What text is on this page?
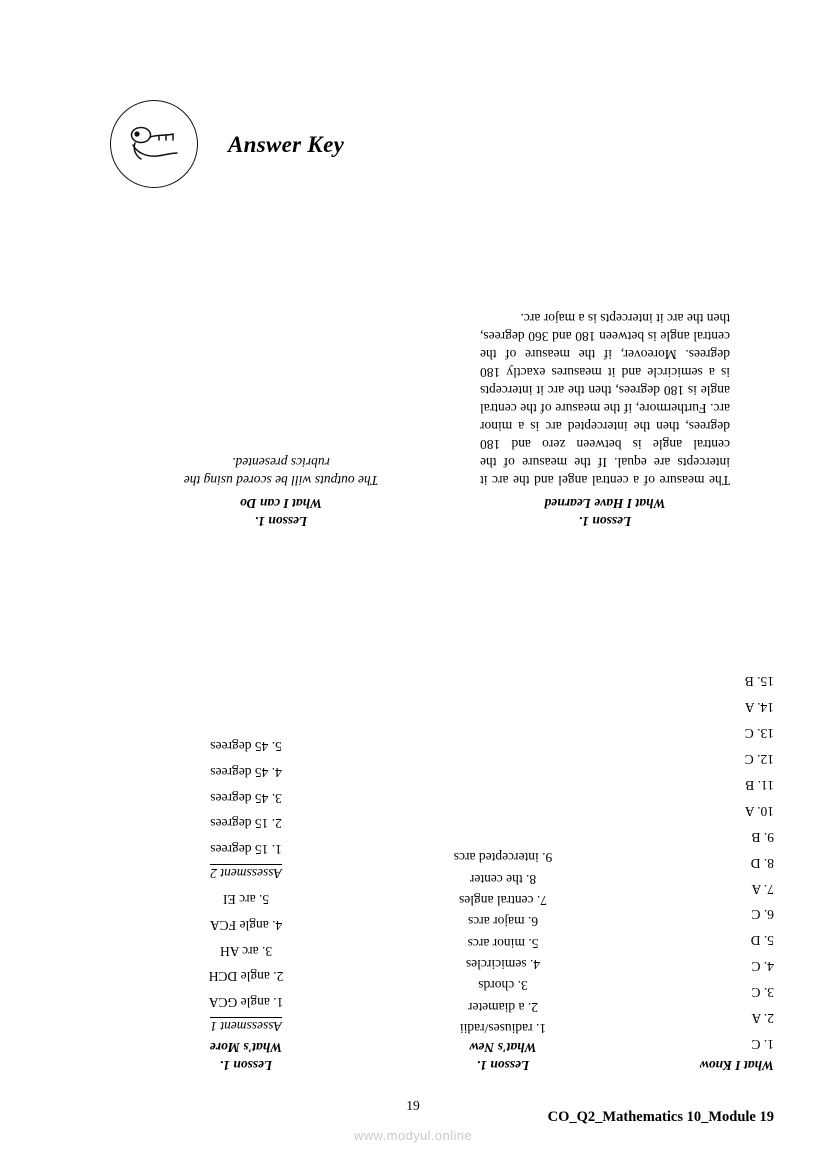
Answer Key
What I Know
1. C
2. A
3. C
4. C
5. D
6. C
7. A
8. D
9. B
10. A
11. B
12. C
13. C
14. A
15. B
Lesson 1.
What's New
1. radiuses/radii
2. a diameter
3. chords
4. semicircles
5. minor arcs
6. major arcs
7. central angles
8. the center
9. intercepted arcs
Lesson 1.
What's More
Assessment 1
1. angle GCA
2. angle DCH
3. arc AH
4. angle FCA
5. arc EI
Assessment 2
1. 15 degrees
2. 15 degrees
3. 45 degrees
4. 45 degrees
5. 45 degrees
Lesson 1.
What I Have Learned
The measure of a central angel and the arc it intercepts are equal. If the measure of the central angle is between zero and 180 degrees, then the intercepted arc is a minor arc. Furthermore, if the measure of the central angle is 180 degrees, then the arc it intercepts is a semicircle and it measures exactly 180 degrees. Moreover, if the measure of the central angle is between 180 and 360 degrees, then the arc it intercepts is a major arc.
Lesson 1.
What I can Do
The outputs will be scored using the rubrics presented.
19
CO_Q2_Mathematics 10_Module 19
www.modyul.online
